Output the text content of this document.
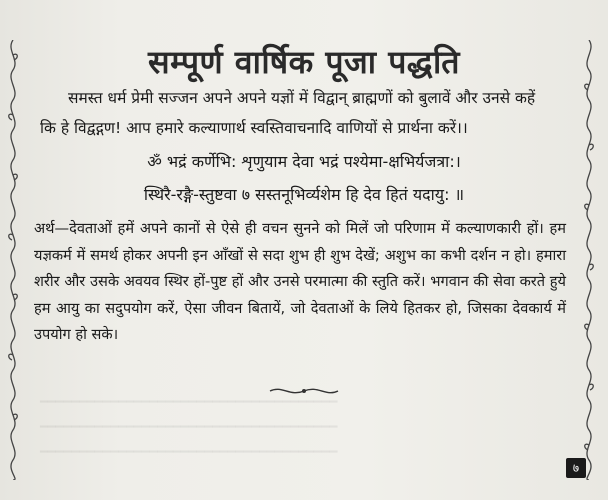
━━━━━━━━━━━━━━━━━━━━━━━━━━━━━━━━━━━━━━
━━━━━━━━━━━━━━━━━━━━━━━━━━━━━━━━━━━━━━
━━━━━━━━━━━━━━━━━━━━━━━━━━━━━━━━━━━━━━
सम्पूर्ण वार्षिक पूजा पद्धति
समस्त धर्म प्रेमी सज्जन अपने अपने यज्ञों में विद्वान् ब्राह्मणों को बुलावें और उनसे कहें
कि हे विद्वद्गण! आप हमारे कल्याणार्थ स्वस्तिवाचनादि वाणियों से प्रार्थना करें।।
ॐ भद्रं कर्णेभि: शृणुयाम देवा भद्रं पश्येमा-क्षभिर्यजत्रा:।
स्थिरै-रङ्गै-स्तुष्टवा ७ सस्तनूभिर्व्यशेम हि देव हितं यदायु: ॥
अर्थ—देवताओं हमें अपने कानों से ऐसे ही वचन सुनने को मिलें जो परिणाम में कल्याणकारी हों। हम यज्ञकर्म में समर्थ होकर अपनी इन आँखों से सदा शुभ ही शुभ देखें; अशुभ का कभी दर्शन न हो। हमारा शरीर और उसके अवयव स्थिर हों-पुष्ट हों और उनसे परमात्मा की स्तुति करें। भगवान की सेवा करते हुये हम आयु का सदुपयोग करें, ऐसा जीवन बितायें, जो देवताओं के लिये हितकर हो, जिसका देवकार्य में उपयोग हो सके।
७
